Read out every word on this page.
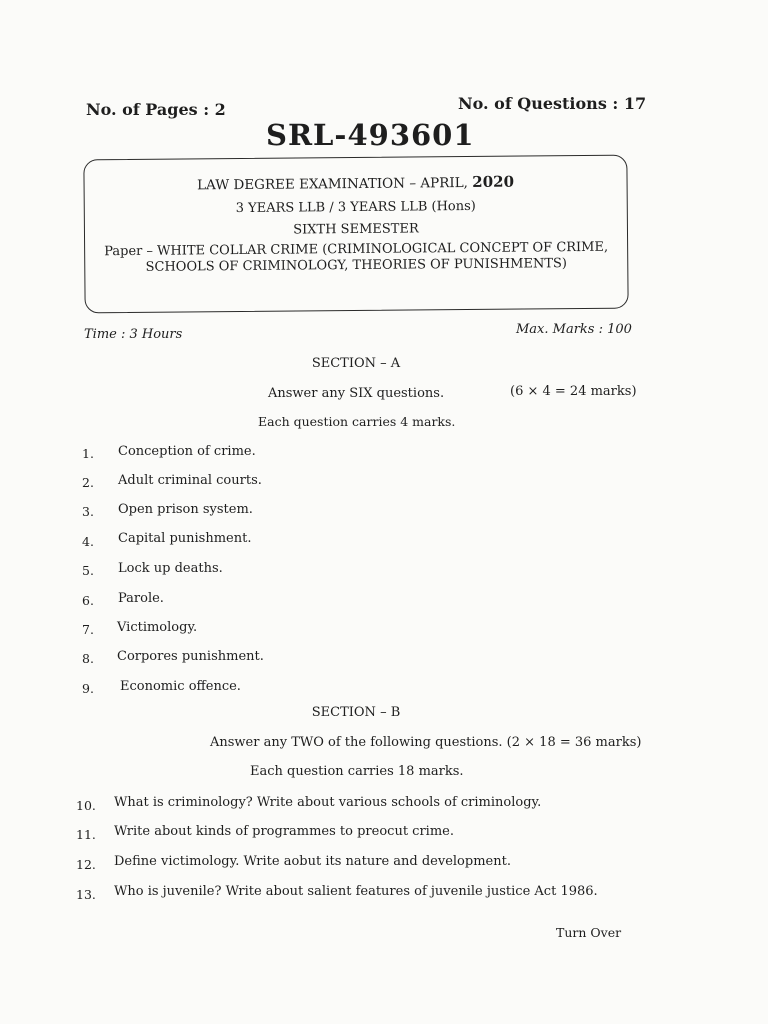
No. of Pages : 2	No. of Questions : 17
SRL-493601
LAW DEGREE EXAMINATION – APRIL, 2020
3 YEARS LLB / 3 YEARS LLB (Hons)
SIXTH SEMESTER
Paper – WHITE COLLAR CRIME (CRIMINOLOGICAL CONCEPT OF CRIME,
SCHOOLS OF CRIMINOLOGY, THEORIES OF PUNISHMENTS)
Time : 3 Hours	Max. Marks : 100
SECTION – A
Answer any SIX questions.	(6 × 4 = 24 marks)
Each question carries 4 marks.
1. Conception of crime.
2. Adult criminal courts.
3. Open prison system.
4. Capital punishment.
5. Lock up deaths.
6. Parole.
7. Victimology.
8. Corpores punishment.
9. Economic offence.
SECTION – B
Answer any TWO of the following questions. (2 × 18 = 36 marks)
Each question carries 18 marks.
10. What is criminology? Write about various schools of criminology.
11. Write about kinds of programmes to preocut crime.
12. Define victimology. Write aobut its nature and development.
13. Who is juvenile? Write about salient features of juvenile justice Act 1986.
Turn Over
